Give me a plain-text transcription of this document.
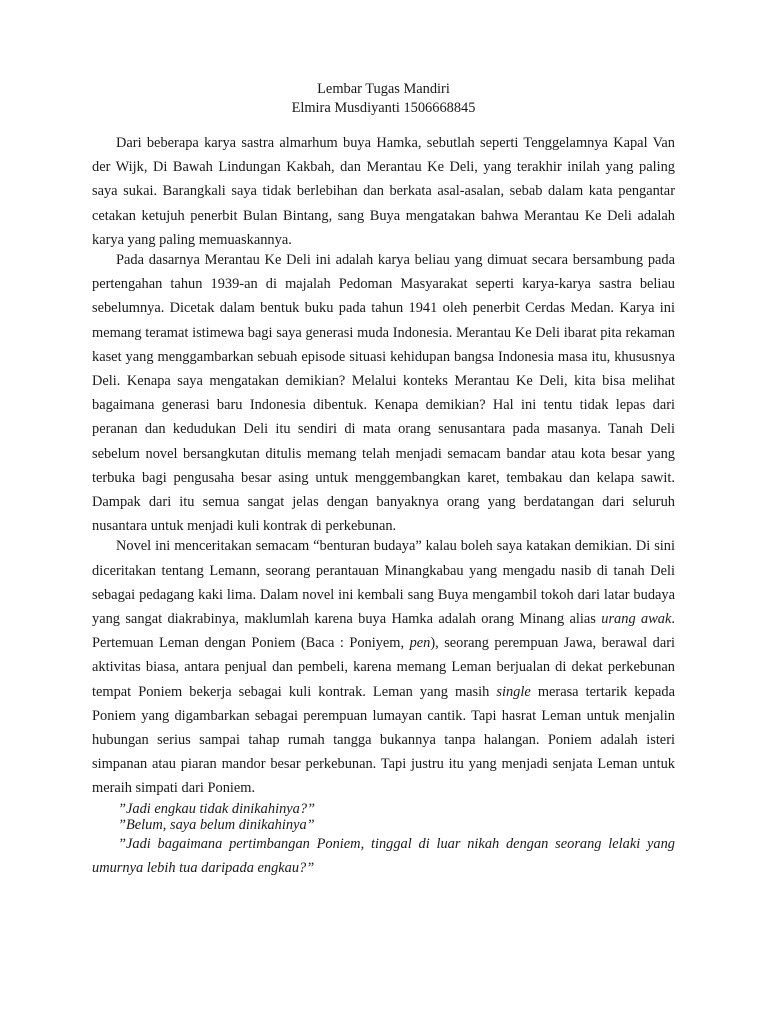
Lembar Tugas Mandiri
Elmira Musdiyanti 1506668845

Dari beberapa karya sastra almarhum buya Hamka, sebutlah seperti Tenggelamnya Kapal Van der Wijk, Di Bawah Lindungan Kakbah, dan Merantau Ke Deli, yang terakhir inilah yang paling saya sukai. Barangkali saya tidak berlebihan dan berkata asal-asalan, sebab dalam kata pengantar cetakan ketujuh penerbit Bulan Bintang, sang Buya mengatakan bahwa Merantau Ke Deli adalah karya yang paling memuaskannya.

Pada dasarnya Merantau Ke Deli ini adalah karya beliau yang dimuat secara bersambung pada pertengahan tahun 1939-an di majalah Pedoman Masyarakat seperti karya-karya sastra beliau sebelumnya. Dicetak dalam bentuk buku pada tahun 1941 oleh penerbit Cerdas Medan. Karya ini memang teramat istimewa bagi saya generasi muda Indonesia. Merantau Ke Deli ibarat pita rekaman kaset yang menggambarkan sebuah episode situasi kehidupan bangsa Indonesia masa itu, khususnya Deli. Kenapa saya mengatakan demikian? Melalui konteks Merantau Ke Deli, kita bisa melihat bagaimana generasi baru Indonesia dibentuk. Kenapa demikian? Hal ini tentu tidak lepas dari peranan dan kedudukan Deli itu sendiri di mata orang senusantara pada masanya. Tanah Deli sebelum novel bersangkutan ditulis memang telah menjadi semacam bandar atau kota besar yang terbuka bagi pengusaha besar asing untuk menggembangkan karet, tembakau dan kelapa sawit. Dampak dari itu semua sangat jelas dengan banyaknya orang yang berdatangan dari seluruh nusantara untuk menjadi kuli kontrak di perkebunan.

Novel ini menceritakan semacam “benturan budaya” kalau boleh saya katakan demikian. Di sini diceritakan tentang Lemann, seorang perantauan Minangkabau yang mengadu nasib di tanah Deli sebagai pedagang kaki lima. Dalam novel ini kembali sang Buya mengambil tokoh dari latar budaya yang sangat diakrabinya, maklumlah karena buya Hamka adalah orang Minang alias urang awak. Pertemuan Leman dengan Poniem (Baca : Poniyem, pen), seorang perempuan Jawa, berawal dari aktivitas biasa, antara penjual dan pembeli, karena memang Leman berjualan di dekat perkebunan tempat Poniem bekerja sebagai kuli kontrak. Leman yang masih single merasa tertarik kepada Poniem yang digambarkan sebagai perempuan lumayan cantik. Tapi hasrat Leman untuk menjalin hubungan serius sampai tahap rumah tangga bukannya tanpa halangan. Poniem adalah isteri simpanan atau piaran mandor besar perkebunan. Tapi justru itu yang menjadi senjata Leman untuk meraih simpati dari Poniem.

”Jadi engkau tidak dinikahinya?”

”Belum, saya belum dinikahinya”

”Jadi bagaimana pertimbangan Poniem, tinggal di luar nikah dengan seorang lelaki yang umurnya lebih tua daripada engkau?”
